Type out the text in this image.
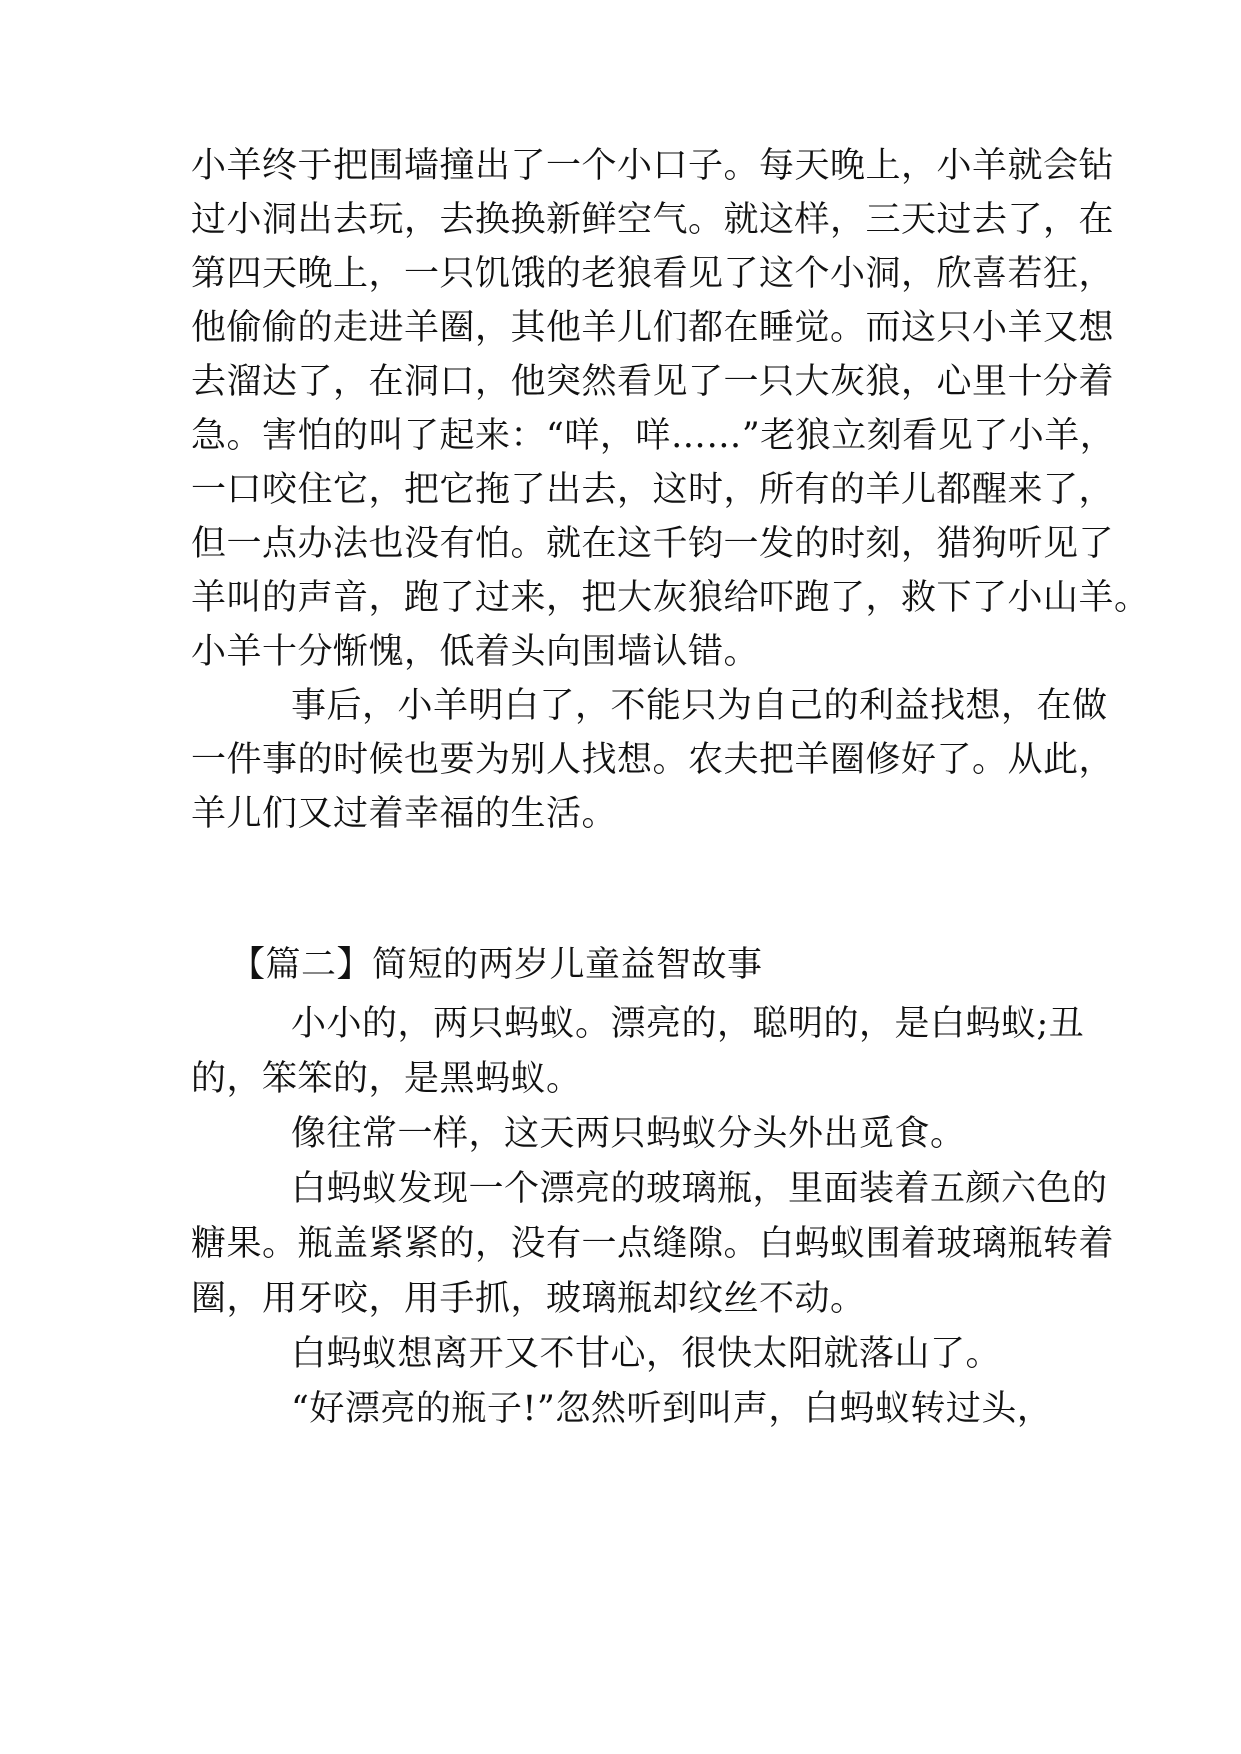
小羊终于把围墙撞出了一个小口子。每天晚上，小羊就会钻
过小洞出去玩，去换换新鲜空气。就这样，三天过去了，在
第四天晚上，一只饥饿的老狼看见了这个小洞，欣喜若狂，
他偷偷的走进羊圈，其他羊儿们都在睡觉。而这只小羊又想
去溜达了，在洞口，他突然看见了一只大灰狼，心里十分着
急。害怕的叫了起来：“咩，咩……”老狼立刻看见了小羊，
一口咬住它，把它拖了出去，这时，所有的羊儿都醒来了，
但一点办法也没有怕。就在这千钧一发的时刻，猎狗听见了
羊叫的声音，跑了过来，把大灰狼给吓跑了，救下了小山羊。
小羊十分惭愧，低着头向围墙认错。
事后，小羊明白了，不能只为自己的利益找想，在做
一件事的时候也要为别人找想。农夫把羊圈修好了。从此，
羊儿们又过着幸福的生活。
【篇二】简短的两岁儿童益智故事
小小的，两只蚂蚁。漂亮的，聪明的，是白蚂蚁;丑
的，笨笨的，是黑蚂蚁。
像往常一样，这天两只蚂蚁分头外出觅食。
白蚂蚁发现一个漂亮的玻璃瓶，里面装着五颜六色的
糖果。瓶盖紧紧的，没有一点缝隙。白蚂蚁围着玻璃瓶转着
圈，用牙咬，用手抓，玻璃瓶却纹丝不动。
白蚂蚁想离开又不甘心，很快太阳就落山了。
“好漂亮的瓶子!”忽然听到叫声，白蚂蚁转过头，
